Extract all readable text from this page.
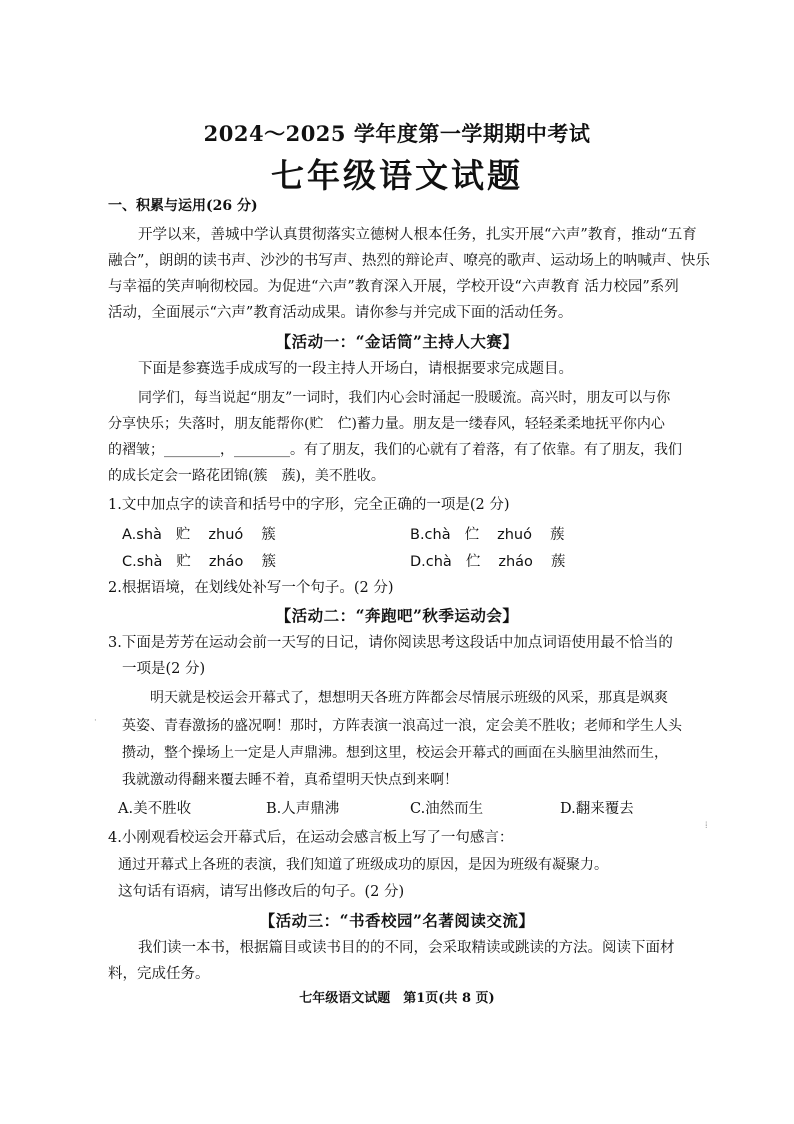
2024～2025 学年度第一学期期中考试
七年级语文试题
一、积累与运用(26 分)
开学以来，善城中学认真贯彻落实立德树人根本任务，扎实开展“六声”教育，推动“五育
融合”，朗朗的读书声、沙沙的书写声、热烈的辩论声、嘹亮的歌声、运动场上的呐喊声、快乐
与幸福的笑声响彻校园。为促进“六声”教育深入开展，学校开设“六声教育 活力校园”系列
活动，全面展示“六声”教育活动成果。请你参与并完成下面的活动任务。
【活动一：“金话筒”主持人大赛】
下面是参赛选手成成写的一段主持人开场白，请根据要求完成题目。
同学们，每当说起“朋友”一词时，我们内心会时涌起一股暖流。高兴时，朋友可以与你
分享快乐；失落时，朋友能帮你(贮　伫)蓄力量。朋友是一缕春风，轻轻柔柔地抚平你内心
的褶皱；________，________。有了朋友，我们的心就有了着落，有了依靠。有了朋友，我们
的成长定会一路花团锦(簇　蔟)，美不胜收。
1.文中加点字的读音和括号中的字形，完全正确的一项是(2 分)
A.shà 贮 zhuó 簇	B.chà 伫 zhuó 蔟
C.shà 贮 zháo 簇	D.chà 伫 zháo 蔟
2.根据语境，在划线处补写一个句子。(2 分)
【活动二：“奔跑吧”秋季运动会】
3.下面是芳芳在运动会前一天写的日记，请你阅读思考这段话中加点词语使用最不恰当的
一项是(2 分)
明天就是校运会开幕式了，想想明天各班方阵都会尽情展示班级的风采，那真是飒爽
英姿、青春激扬的盛况啊！那时，方阵表演一浪高过一浪，定会美不胜收；老师和学生人头
攒动，整个操场上一定是人声鼎沸。想到这里，校运会开幕式的画面在头脑里油然而生，
我就激动得翻来覆去睡不着，真希望明天快点到来啊！
A.美不胜收	B.人声鼎沸	C.油然而生	D.翻来覆去
4.小刚观看校运会开幕式后，在运动会感言板上写了一句感言：
通过开幕式上各班的表演，我们知道了班级成功的原因，是因为班级有凝聚力。
这句话有语病，请写出修改后的句子。(2 分)
【活动三：“书香校园”名著阅读交流】
我们读一本书，根据篇目或读书目的的不同，会采取精读或跳读的方法。阅读下面材
料，完成任务。
七年级语文试题　第1页(共 8 页)
⁞
·
